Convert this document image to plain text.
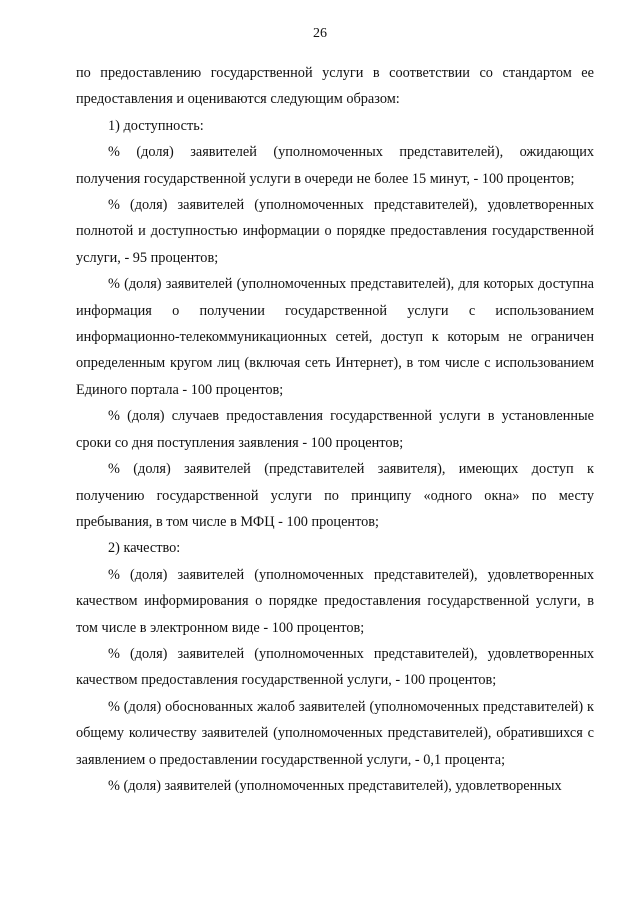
26

по предоставлению государственной услуги в соответствии со стандартом ее предоставления и оцениваются следующим образом:

1) доступность:

% (доля) заявителей (уполномоченных представителей), ожидающих получения государственной услуги в очереди не более 15 минут, - 100 процентов;

% (доля) заявителей (уполномоченных представителей), удовлетворенных полнотой и доступностью информации о порядке предоставления государственной услуги, - 95 процентов;

% (доля) заявителей (уполномоченных представителей), для которых доступна информация о получении государственной услуги с использованием информационно-телекоммуникационных сетей, доступ к которым не ограничен определенным кругом лиц (включая сеть Интернет), в том числе с использованием Единого портала - 100 процентов;

% (доля) случаев предоставления государственной услуги в установленные сроки со дня поступления заявления - 100 процентов;

% (доля) заявителей (представителей заявителя), имеющих доступ к получению государственной услуги по принципу «одного окна» по месту пребывания, в том числе в МФЦ - 100 процентов;

2) качество:

% (доля) заявителей (уполномоченных представителей), удовлетворенных качеством информирования о порядке предоставления государственной услуги, в том числе в электронном виде - 100 процентов;

% (доля) заявителей (уполномоченных представителей), удовлетворенных качеством предоставления государственной услуги, - 100 процентов;

% (доля) обоснованных жалоб заявителей (уполномоченных представителей) к общему количеству заявителей (уполномоченных представителей), обратившихся с заявлением о предоставлении государственной услуги, - 0,1 процента;

% (доля) заявителей (уполномоченных представителей), удовлетворенных
